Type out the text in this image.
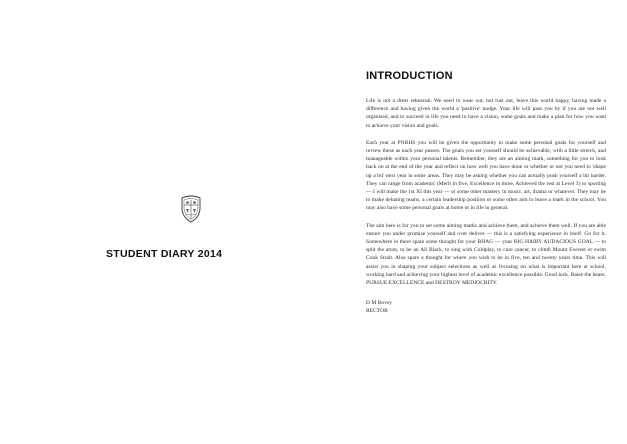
STUDENT DIARY 2014
INTRODUCTION

Life is not a dress rehearsal. We need to wear out, not rust out, leave this world happy, having made a difference and having given the world a 'positive' nudge. Your life will pass you by if you are not well organised, and to succeed in life you need to have a vision, some goals and make a plan for how you want to achieve your vision and goals.

Each year at PNBHS you will be given the opportunity to make some personal goals for yourself and review these as each year passes. The goals you set yourself should be achievable, with a little stretch, and manageable within your personal talents. Remember, they are an aiming mark, something for you to look back on at the end of the year and reflect on how well you have done or whether or not you need to 'shape up a bit' next year in some areas. They may be asking whether you can actually push yourself a bit harder. They can range from academic (Merit in five, Excellence in three, Achieved the rest at Level 3) to sporting — I will make the 1st XI this year — or some other mastery in music, art, drama or whatever. They may be to make debating teams, a certain leadership position or some other aim to leave a mark in the school. You may also have some personal goals at home or in life in general.

The aim here is for you to set some aiming marks and achieve them, and achieve them well. If you are able ensure you under promise yourself and over deliver — this is a satisfying experience in itself. Go for it. Somewhere in there spare some thought for your BHAG — your BIG HAIRY AUDACIOUS GOAL — to split the atom, to be an All Black, to sing with Coldplay, to cure cancer, to climb Mount Everest or swim Cook Strait. Also spare a thought for where you wish to be in five, ten and twenty years time. This will assist you in shaping your subject selections as well as focusing on what is important here at school, working hard and achieving your highest level of academic excellence possible. Good luck. Raise the beam. PURSUE EXCELLENCE and DESTROY MEDIOCRITY.

D M Bovey
RECTOR
